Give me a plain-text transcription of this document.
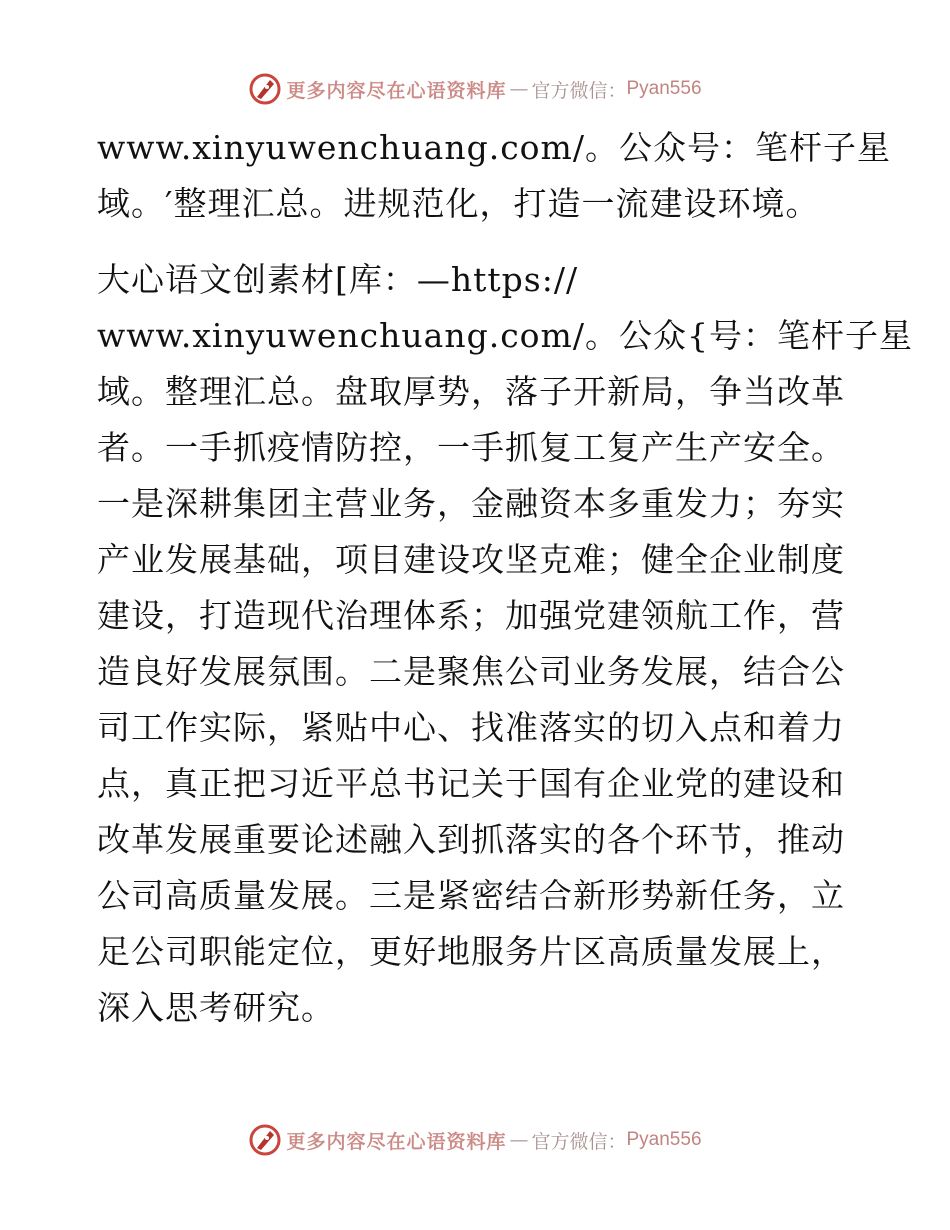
更多内容尽在心语资料库 — 官方微信： Pyan556
www.xinyuwenchuang.com/。公众号：笔杆子星
域。′整理汇总。进规范化，打造一流建设环境。
大心语文创素材[库：—https://
www.xinyuwenchuang.com/。公众{号：笔杆子星
域。整理汇总。盘取厚势，落子开新局，争当改革
者。一手抓疫情防控，一手抓复工复产生产安全。
一是深耕集团主营业务，金融资本多重发力；夯实
产业发展基础，项目建设攻坚克难；健全企业制度
建设，打造现代治理体系；加强党建领航工作，营
造良好发展氛围。二是聚焦公司业务发展，结合公
司工作实际，紧贴中心、找准落实的切入点和着力
点，真正把习近平总书记关于国有企业党的建设和
改革发展重要论述融入到抓落实的各个环节，推动
公司高质量发展。三是紧密结合新形势新任务，立
足公司职能定位，更好地服务片区高质量发展上，
深入思考研究。
更多内容尽在心语资料库 — 官方微信： Pyan556
